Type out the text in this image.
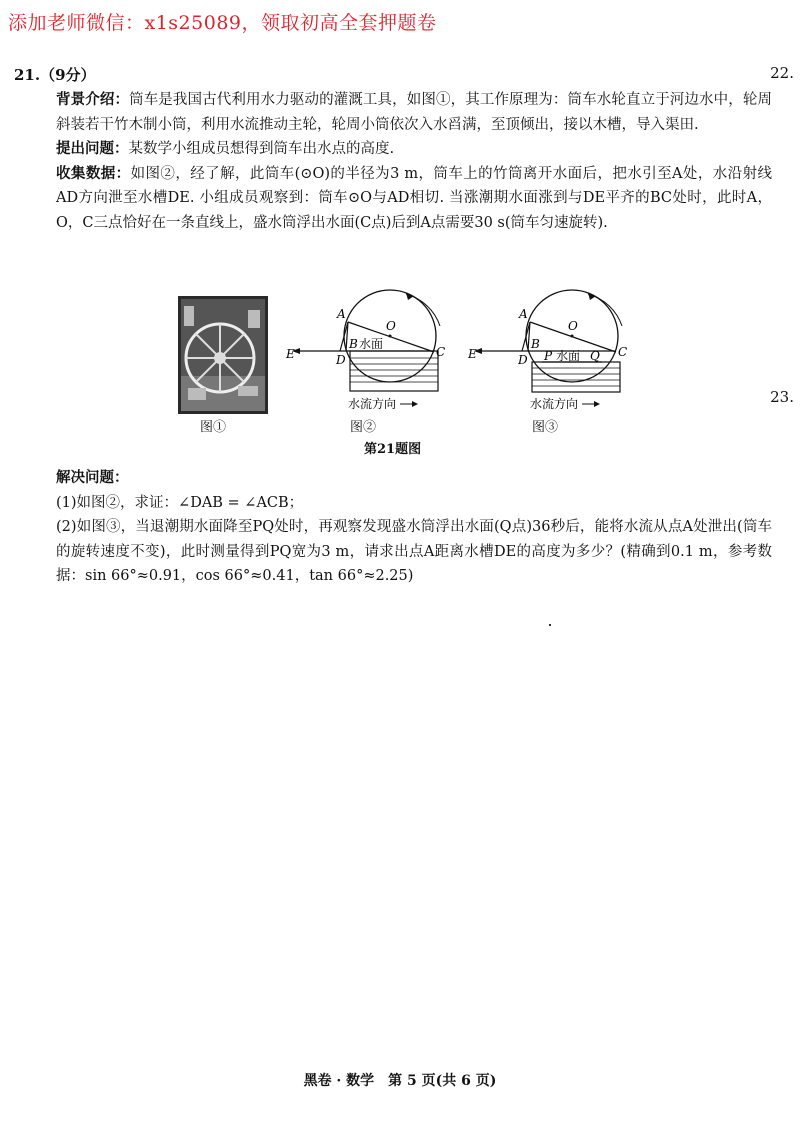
添加老师微信：x1s25089，领取初高全套押题卷
21.（9分）	22.
23.

背景介绍：筒车是我国古代利用水力驱动的灌溉工具，如图①，其工作原理为：筒车水轮直立于河边水中，轮周斜装若干竹木制小筒，利用水流推动主轮，轮周小筒依次入水舀满，至顶倾出，接以木槽，导入渠田.

提出问题：某数学小组成员想得到筒车出水点的高度.

收集数据：如图②，经了解，此筒车(⊙O)的半径为3 m，筒车上的竹筒离开水面后，把水引至A处，水沿射线AD方向泄至水槽DE. 小组成员观察到：筒车⊙O与AD相切. 当涨潮期水面涨到与DE平齐的BC处时，此时A，O，C三点恰好在一条直线上，盛水筒浮出水面(C点)后到A点需要30 s(筒车匀速旋转).

E
A
O
B 水面
C
D
水流方向
E
A
O
B
C
D P 水面 Q
水流方向
图①	图②	图③
第21题图

解决问题：

(1)如图②，求证：∠DAB = ∠ACB；

(2)如图③，当退潮期水面降至PQ处时，再观察发现盛水筒浮出水面(Q点)36秒后，能将水流从点A处泄出(筒车的旋转速度不变)，此时测量得到PQ宽为3 m，请求出点A距离水槽DE的高度为多少？(精确到0.1 m，参考数据：sin 66°≈0.91，cos 66°≈0.41，tan 66°≈2.25)

黑卷 · 数学　第 5 页(共 6 页)
